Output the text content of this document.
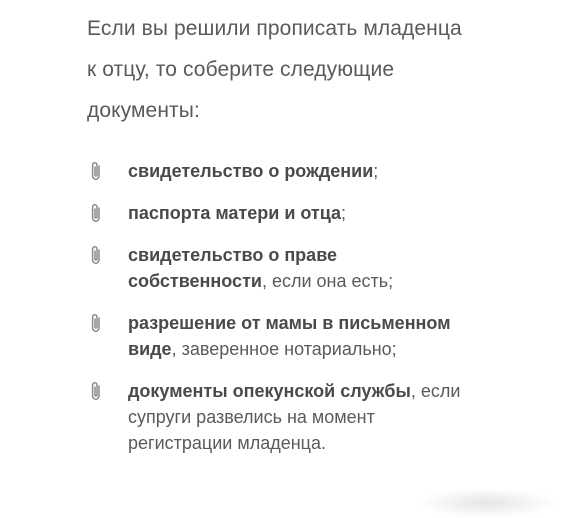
Если вы решили прописать младенца
к отцу, то соберите следующие
документы:

свидетельство о рождении;
паспорта матери и отца;
свидетельство о праве
собственности, если она есть;
разрешение от мамы в письменном
виде, заверенное нотариально;
документы опекунской службы, если
супруги развелись на момент
регистрации младенца.
